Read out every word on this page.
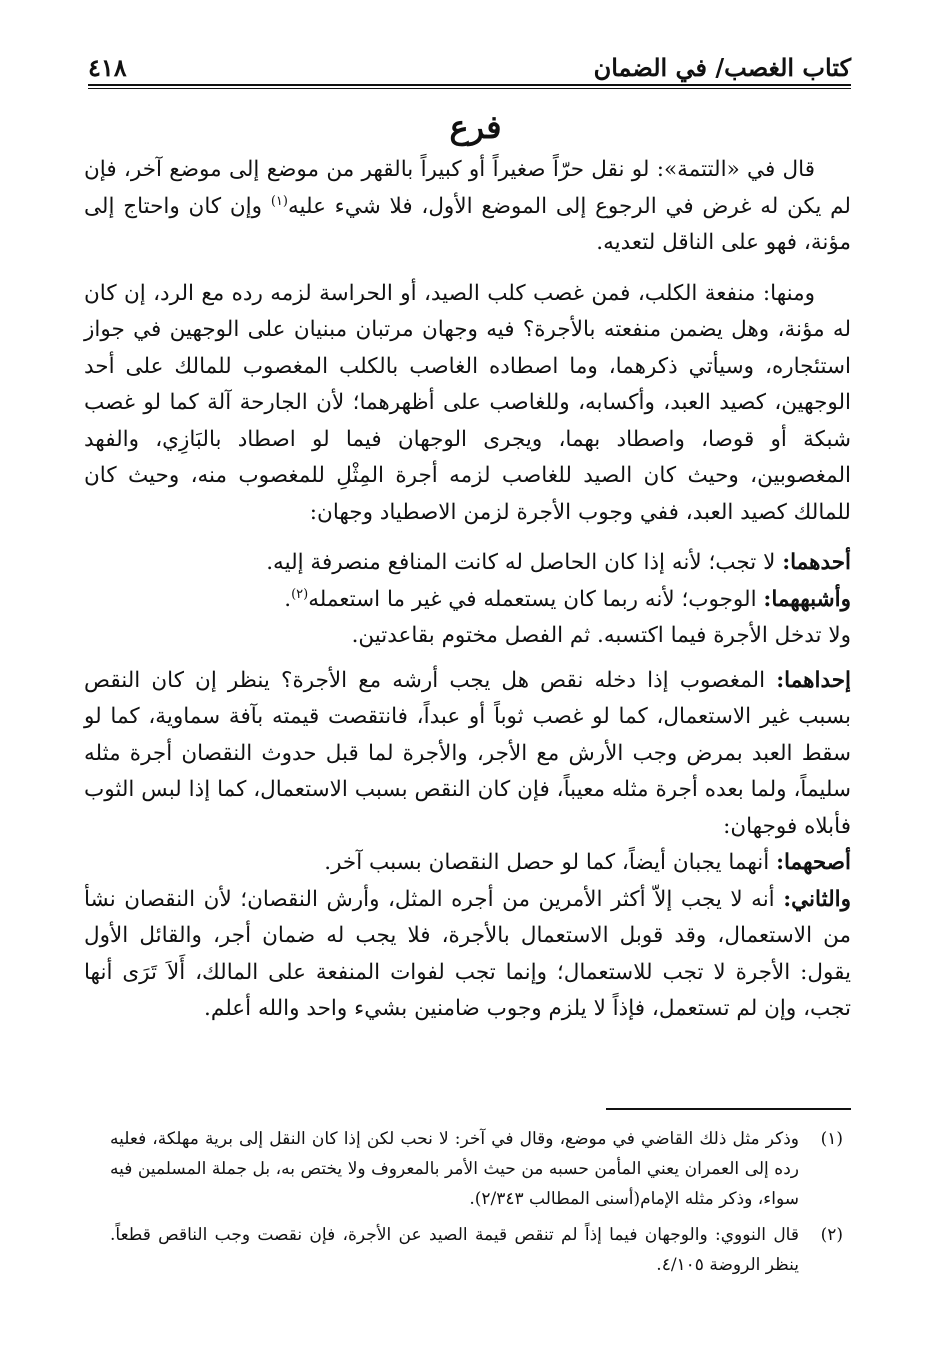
كتاب الغصب/ في الضمان
٤١٨
فرع

قال في «التتمة»: لو نقل حرّاً صغيراً أو كبيراً بالقهر من موضع إلى موضع آخر، فإن لم يكن له غرض في الرجوع إلى الموضع الأول، فلا شيء عليه$^{(١)}$ وإن كان واحتاج إلى مؤنة، فهو على الناقل لتعديه.

ومنها: منفعة الكلب، فمن غصب كلب الصيد، أو الحراسة لزمه رده مع الرد، إن كان له مؤنة، وهل يضمن منفعته بالأجرة؟ فيه وجهان مرتبان مبنيان على الوجهين في جواز استئجاره، وسيأتي ذكرهما، وما اصطاده الغاصب بالكلب المغصوب للمالك على أحد الوجهين، كصيد العبد، وأكسابه، وللغاصب على أظهرهما؛ لأن الجارحة آلة كما لو غصب شبكة أو قوصا، واصطاد بهما، ويجرى الوجهان فيما لو اصطاد بالبَازِي، والفهد المغصوبين، وحيث كان الصيد للغاصب لزمه أجرة المِثْلِ للمغصوب منه، وحيث كان للمالك كصيد العبد، ففي وجوب الأجرة لزمن الاصطياد وجهان:

أحدهما: لا تجب؛ لأنه إذا كان الحاصل له كانت المنافع منصرفة إليه.

وأشبههما: الوجوب؛ لأنه ربما كان يستعمله في غير ما استعمله$^{(٢)}$.

ولا تدخل الأجرة فيما اكتسبه. ثم الفصل مختوم بقاعدتين.

إحداهما: المغصوب إذا دخله نقص هل يجب أرشه مع الأجرة؟ ينظر إن كان النقص بسبب غير الاستعمال، كما لو غصب ثوباً أو عبداً، فانتقصت قيمته بآفة سماوية، كما لو سقط العبد بمرض وجب الأرش مع الأجر، والأجرة لما قبل حدوث النقصان أجرة مثله سليماً، ولما بعده أجرة مثله معيباً، فإن كان النقص بسبب الاستعمال، كما إذا لبس الثوب فأبلاه فوجهان:

أصحهما: أنهما يجبان أيضاً، كما لو حصل النقصان بسبب آخر.

والثاني: أنه لا يجب إلاّ أكثر الأمرين من أجره المثل، وأرش النقصان؛ لأن النقصان نشأ من الاستعمال، وقد قوبل الاستعمال بالأجرة، فلا يجب له ضمان أجر، والقائل الأول يقول: الأجرة لا تجب للاستعمال؛ وإنما تجب لفوات المنفعة على المالك، أَلاَ تَرَى أنها تجب، وإن لم تستعمل، فإذاً لا يلزم وجوب ضامنين بشيء واحد والله أعلم.

(١)
وذكر مثل ذلك القاضي في موضع، وقال في آخر: لا نحب لكن إذا كان النقل إلى برية مهلكة، فعليه رده إلى العمران يعني المأمن حسبه من حيث الأمر بالمعروف ولا يختص به، بل جملة المسلمين فيه سواء، وذكر مثله الإمام(أسنى المطالب ٢/٣٤٣).
(٢)
قال النووي: والوجهان فيما إذاً لم تنقص قيمة الصيد عن الأجرة، فإن نقصت وجب الناقص قطعاً. ينظر الروضة ٤/١٠٥.
